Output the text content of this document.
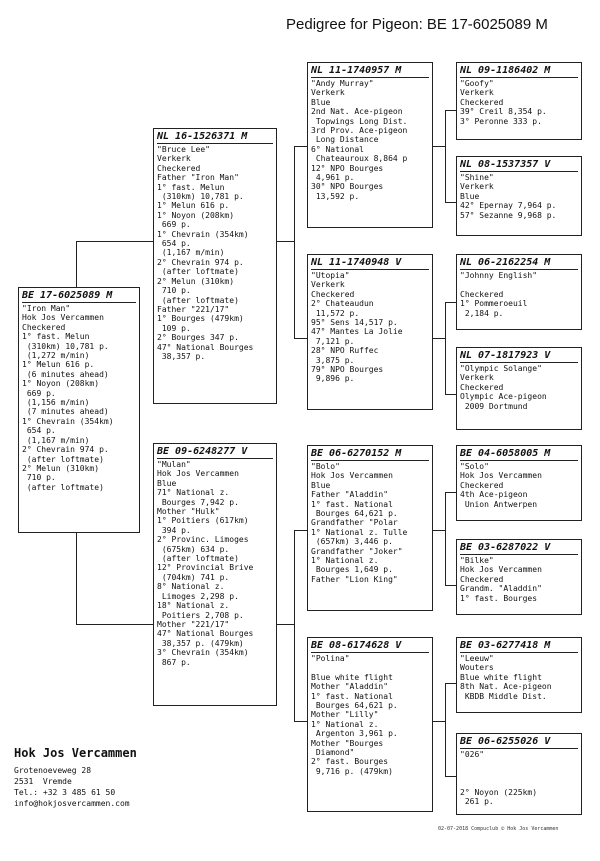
Pedigree for Pigeon: BE 17-6025089 M
BE 17-6025089 M
"Iron Man"
Hok Jos Vercammen
Checkered
1° fast. Melun
(310km) 10,781 p.
(1,272 m/min)
1° Melun 616 p.
(6 minutes ahead)
1° Noyon (208km)
669 p.
(1,156 m/min)
(7 minutes ahead)
1° Chevrain (354km)
654 p.
(1,167 m/min)
2° Chevrain 974 p.
(after loftmate)
2° Melun (310km)
710 p.
(after loftmate)
NL 16-1526371 M
"Bruce Lee"
Verkerk
Checkered
Father "Iron Man"
1° fast. Melun
(310km) 10,781 p.
1° Melun 616 p.
1° Noyon (208km)
669 p.
1° Chevrain (354km)
654 p.
(1,167 m/min)
2° Chevrain 974 p.
(after loftmate)
2° Melun (310km)
710 p.
(after loftmate)
Father "221/17"
1° Bourges (479km)
109 p.
2° Bourges 347 p.
47° National Bourges
38,357 p.
BE 09-6248277 V
"Mulan"
Hok Jos Vercammen
Blue
71° National z.
Bourges 7,942 p.
Mother "Hulk"
1° Poitiers (617km)
394 p.
2° Provinc. Limoges
(675km) 634 p.
(after loftmate)
12° Provincial Brive
(704km) 741 p.
8° National z.
Limoges 2,298 p.
18° National z.
Poitiers 2,708 p.
Mother "221/17"
47° National Bourges
38,357 p. (479km)
3° Chevrain (354km)
867 p.
NL 11-1740957 M
"Andy Murray"
Verkerk
Blue
2nd Nat. Ace-pigeon
Topwings Long Dist.
3rd Prov. Ace-pigeon
Long Distance
6° National
Chateauroux 8,864 p
12° NPO Bourges
4,961 p.
30° NPO Bourges
13,592 p.
NL 11-1740948 V
"Utopia"
Verkerk
Checkered
2° Chateaudun
11,572 p.
95° Sens 14,517 p.
47° Mantes La Jolie
7,121 p.
28° NPO Ruffec
3,875 p.
79° NPO Bourges
9,896 p.
BE 06-6270152 M
"Bolo"
Hok Jos Vercammen
Blue
Father "Aladdin"
1° fast. National
Bourges 64,621 p.
Grandfather "Polar
1° National z. Tulle
(657km) 3,446 p.
Grandfather "Joker"
1° National z.
Bourges 1,649 p.
Father "Lion King"
BE 08-6174628 V
"Polina"
Blue white flight
Mother "Aladdin"
1° fast. National
Bourges 64,621 p.
Mother "Lilly"
1° National z.
Argenton 3,961 p.
Mother "Bourges
Diamond"
2° fast. Bourges
9,716 p. (479km)
NL 09-1186402 M
"Goofy"
Verkerk
Checkered
39° Creil 8,354 p.
3° Peronne 333 p.
NL 08-1537357 V
"Shine"
Verkerk
Blue
42° Epernay 7,964 p.
57° Sezanne 9,968 p.
NL 06-2162254 M
"Johnny English"
Checkered
1° Pommeroeuil
2,184 p.
NL 07-1817923 V
"Olympic Solange"
Verkerk
Checkered
Olympic Ace-pigeon
2009 Dortmund
BE 04-6058005 M
"Solo"
Hok Jos Vercammen
Checkered
4th Ace-pigeon
Union Antwerpen
BE 03-6287022 V
"Bilke"
Hok Jos Vercammen
Checkered
Grandm. "Aladdin"
1° fast. Bourges
BE 03-6277418 M
"Leeuw"
Wouters
Blue white flight
8th Nat. Ace-pigeon
KBDB Middle Dist.
BE 06-6255026 V
"026"
2° Noyon (225km)
261 p.
Hok Jos Vercammen
Grotenoeveweg 28
2531  Vremde
Tel.: +32 3 485 61 50
info@hokjosvercammen.com
02-07-2018 Compuclub © Hok Jos Vercammen
